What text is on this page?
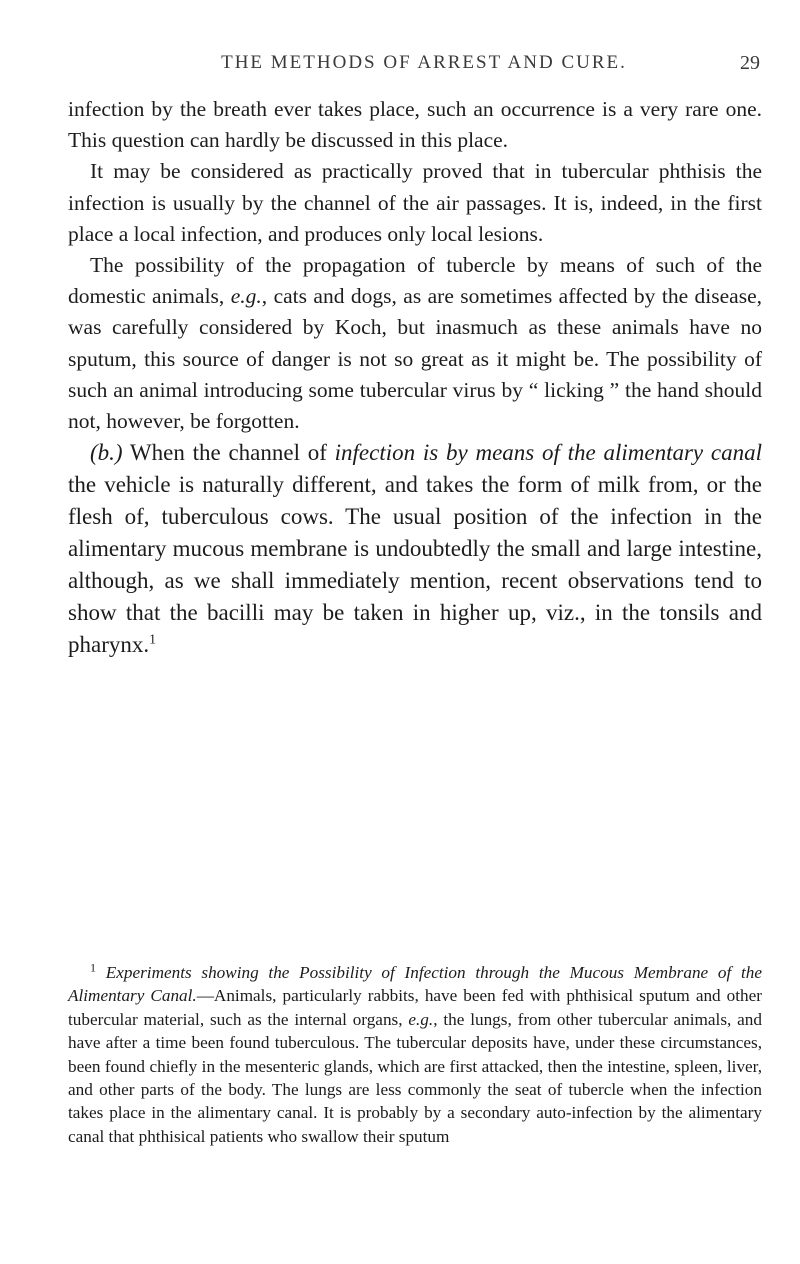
THE METHODS OF ARREST AND CURE.	29

infection by the breath ever takes place, such an occurrence is a very rare one. This question can hardly be discussed in this place.

It may be considered as practically proved that in tubercular phthisis the infection is usually by the channel of the air passages. It is, indeed, in the first place a local infection, and produces only local lesions.

The possibility of the propagation of tubercle by means of such of the domestic animals, e.g., cats and dogs, as are sometimes affected by the disease, was carefully considered by Koch, but inasmuch as these animals have no sputum, this source of danger is not so great as it might be. The possibility of such an animal introducing some tubercular virus by “ licking ” the hand should not, however, be forgotten.

(b.) When the channel of infection is by means of the alimentary canal the vehicle is naturally different, and takes the form of milk from, or the flesh of, tuberculous cows. The usual position of the infection in the alimentary mucous membrane is undoubtedly the small and large intestine, although, as we shall immediately mention, recent observations tend to show that the bacilli may be taken in higher up, viz., in the tonsils and pharynx.$^1$

$^1$ Experiments showing the Possibility of Infection through the Mucous Membrane of the Alimentary Canal.—Animals, particularly rabbits, have been fed with phthisical sputum and other tubercular material, such as the internal organs, e.g., the lungs, from other tubercular animals, and have after a time been found tuberculous. The tubercular deposits have, under these circumstances, been found chiefly in the mesenteric glands, which are first attacked, then the intestine, spleen, liver, and other parts of the body. The lungs are less commonly the seat of tubercle when the infection takes place in the alimentary canal. It is probably by a secondary auto-infection by the alimentary canal that phthisical patients who swallow their sputum
